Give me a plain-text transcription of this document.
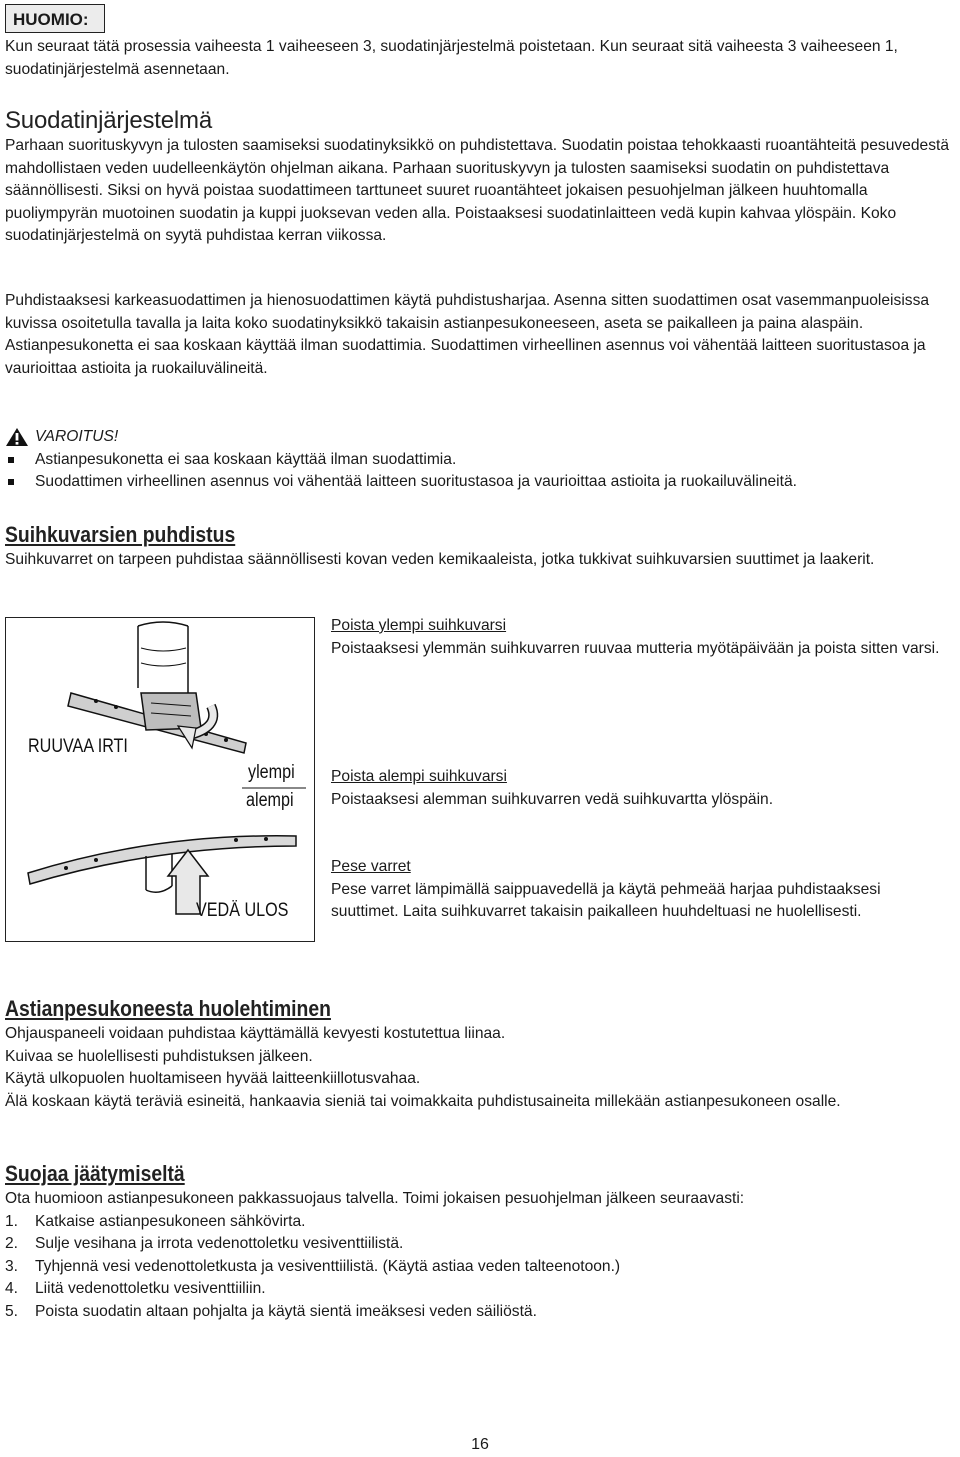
HUOMIO:

Kun seuraat tätä prosessia vaiheesta 1 vaiheeseen 3, suodatinjärjestelmä poistetaan. Kun seuraat sitä vaiheesta 3 vaiheeseen 1, suodatinjärjestelmä asennetaan.

Suodatinjärjestelmä

Parhaan suorituskyvyn ja tulosten saamiseksi suodatinyksikkö on puhdistettava. Suodatin poistaa tehokkaasti ruoantähteitä pesuvedestä mahdollistaen veden uudelleenkäytön ohjelman aikana. Parhaan suorituskyvyn ja tulosten saamiseksi suodatin on puhdistettava säännöllisesti. Siksi on hyvä poistaa suodattimeen tarttuneet suuret ruoantähteet jokaisen pesuohjelman jälkeen huuhtomalla puoliympyrän muotoinen suodatin ja kuppi juoksevan veden alla. Poistaaksesi suodatinlaitteen vedä kupin kahvaa ylöspäin. Koko suodatinjärjestelmä on syytä puhdistaa kerran viikossa.

Puhdistaaksesi karkeasuodattimen ja hienosuodattimen käytä puhdistusharjaa. Asenna sitten suodattimen osat vasemmanpuoleisissa kuvissa osoitetulla tavalla ja laita koko suodatinyksikkö takaisin astianpesukoneeseen, aseta se paikalleen ja paina alaspäin.

Astianpesukonetta ei saa koskaan käyttää ilman suodattimia. Suodattimen virheellinen asennus voi vähentää laitteen suoritustasoa ja vaurioittaa astioita ja ruokailuvälineitä.

VAROITUS!
Astianpesukonetta ei saa koskaan käyttää ilman suodattimia.
Suodattimen virheellinen asennus voi vähentää laitteen suoritustasoa ja vaurioittaa astioita ja ruokailuvälineitä.
Suihkuvarsien puhdistus

Suihkuvarret on tarpeen puhdistaa säännöllisesti kovan veden kemikaaleista, jotka tukkivat suihkuvarsien suuttimet ja laakerit.

RUUVAA IRTI
ylempi
alempi
VEDÄ ULOS

Poista ylempi suihkuvarsi

Poistaaksesi ylemmän suihkuvarren ruuvaa mutteria myötäpäivään ja poista sitten varsi.

Poista alempi suihkuvarsi

Poistaaksesi alemman suihkuvarren vedä suihkuvartta ylöspäin.

Pese varret

Pese varret lämpimällä saippuavedellä ja käytä pehmeää harjaa puhdistaaksesi suuttimet. Laita suihkuvarret takaisin paikalleen huuhdeltuasi ne huolellisesti.

Astianpesukoneesta huolehtiminen

Ohjauspaneeli voidaan puhdistaa käyttämällä kevyesti kostutettua liinaa.

Kuivaa se huolellisesti puhdistuksen jälkeen.

Käytä ulkopuolen huoltamiseen hyvää laitteenkiillotusvahaa.

Älä koskaan käytä teräviä esineitä, hankaavia sieniä tai voimakkaita puhdistusaineita millekään astianpesukoneen osalle.

Suojaa jäätymiseltä

Ota huomioon astianpesukoneen pakkassuojaus talvella. Toimi jokaisen pesuohjelman jälkeen seuraavasti:

1. Katkaise astianpesukoneen sähkövirta.
2. Sulje vesihana ja irrota vedenottoletku vesiventtiilistä.
3. Tyhjennä vesi vedenottoletkusta ja vesiventtiilistä. (Käytä astiaa veden talteenotoon.)
4. Liitä vedenottoletku vesiventtiiliin.
5. Poista suodatin altaan pohjalta ja käytä sientä imeäksesi veden säiliöstä.
16
